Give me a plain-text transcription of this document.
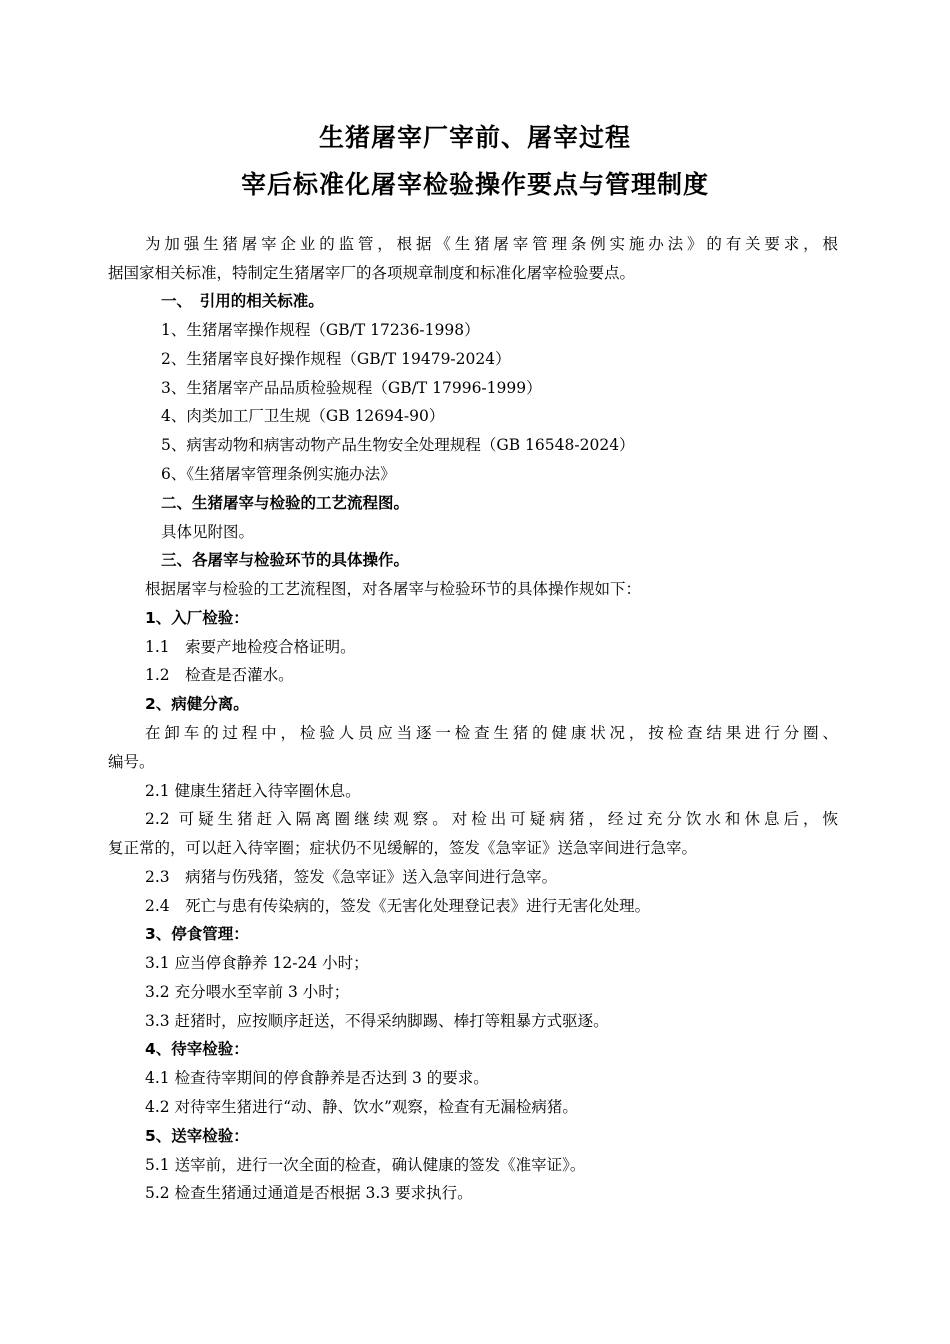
生猪屠宰厂宰前、屠宰过程
宰后标准化屠宰检验操作要点与管理制度
为加强生猪屠宰企业的监管，根据《生猪屠宰管理条例实施办法》的有关要求，根
据国家相关标准，特制定生猪屠宰厂的各项规章制度和标准化屠宰检验要点。
一、　引用的相关标准。
1、生猪屠宰操作规程（GB/T 17236-1998）
2、生猪屠宰良好操作规程（GB/T 19479-2024）
3、生猪屠宰产品品质检验规程（GB/T 17996-1999）
4、肉类加工厂卫生规（GB 12694-90）
5、病害动物和病害动物产品生物安全处理规程（GB 16548-2024）
6、《生猪屠宰管理条例实施办法》
二、生猪屠宰与检验的工艺流程图。
具体见附图。
三、各屠宰与检验环节的具体操作。
根据屠宰与检验的工艺流程图，对各屠宰与检验环节的具体操作规如下：
1、入厂检验：
1.1　索要产地检疫合格证明。
1.2　检查是否灌水。
2、病健分离。
在卸车的过程中，检验人员应当逐一检查生猪的健康状况，按检查结果进行分圈、
编号。
2.1 健康生猪赶入待宰圈休息。
2.2 可疑生猪赶入隔离圈继续观察。对检出可疑病猪，经过充分饮水和休息后，恢
复正常的，可以赶入待宰圈；症状仍不见缓解的，签发《急宰证》送急宰间进行急宰。
2.3　病猪与伤残猪，签发《急宰证》送入急宰间进行急宰。
2.4　死亡与患有传染病的，签发《无害化处理登记表》进行无害化处理。
3、停食管理：
3.1 应当停食静养 12-24 小时；
3.2 充分喂水至宰前 3 小时；
3.3 赶猪时，应按顺序赶送，不得采纳脚踢、棒打等粗暴方式驱逐。
4、待宰检验：
4.1 检查待宰期间的停食静养是否达到 3 的要求。
4.2 对待宰生猪进行“动、静、饮水”观察，检查有无漏检病猪。
5、送宰检验：
5.1 送宰前，进行一次全面的检查，确认健康的签发《准宰证》。
5.2 检查生猪通过通道是否根据 3.3 要求执行。
